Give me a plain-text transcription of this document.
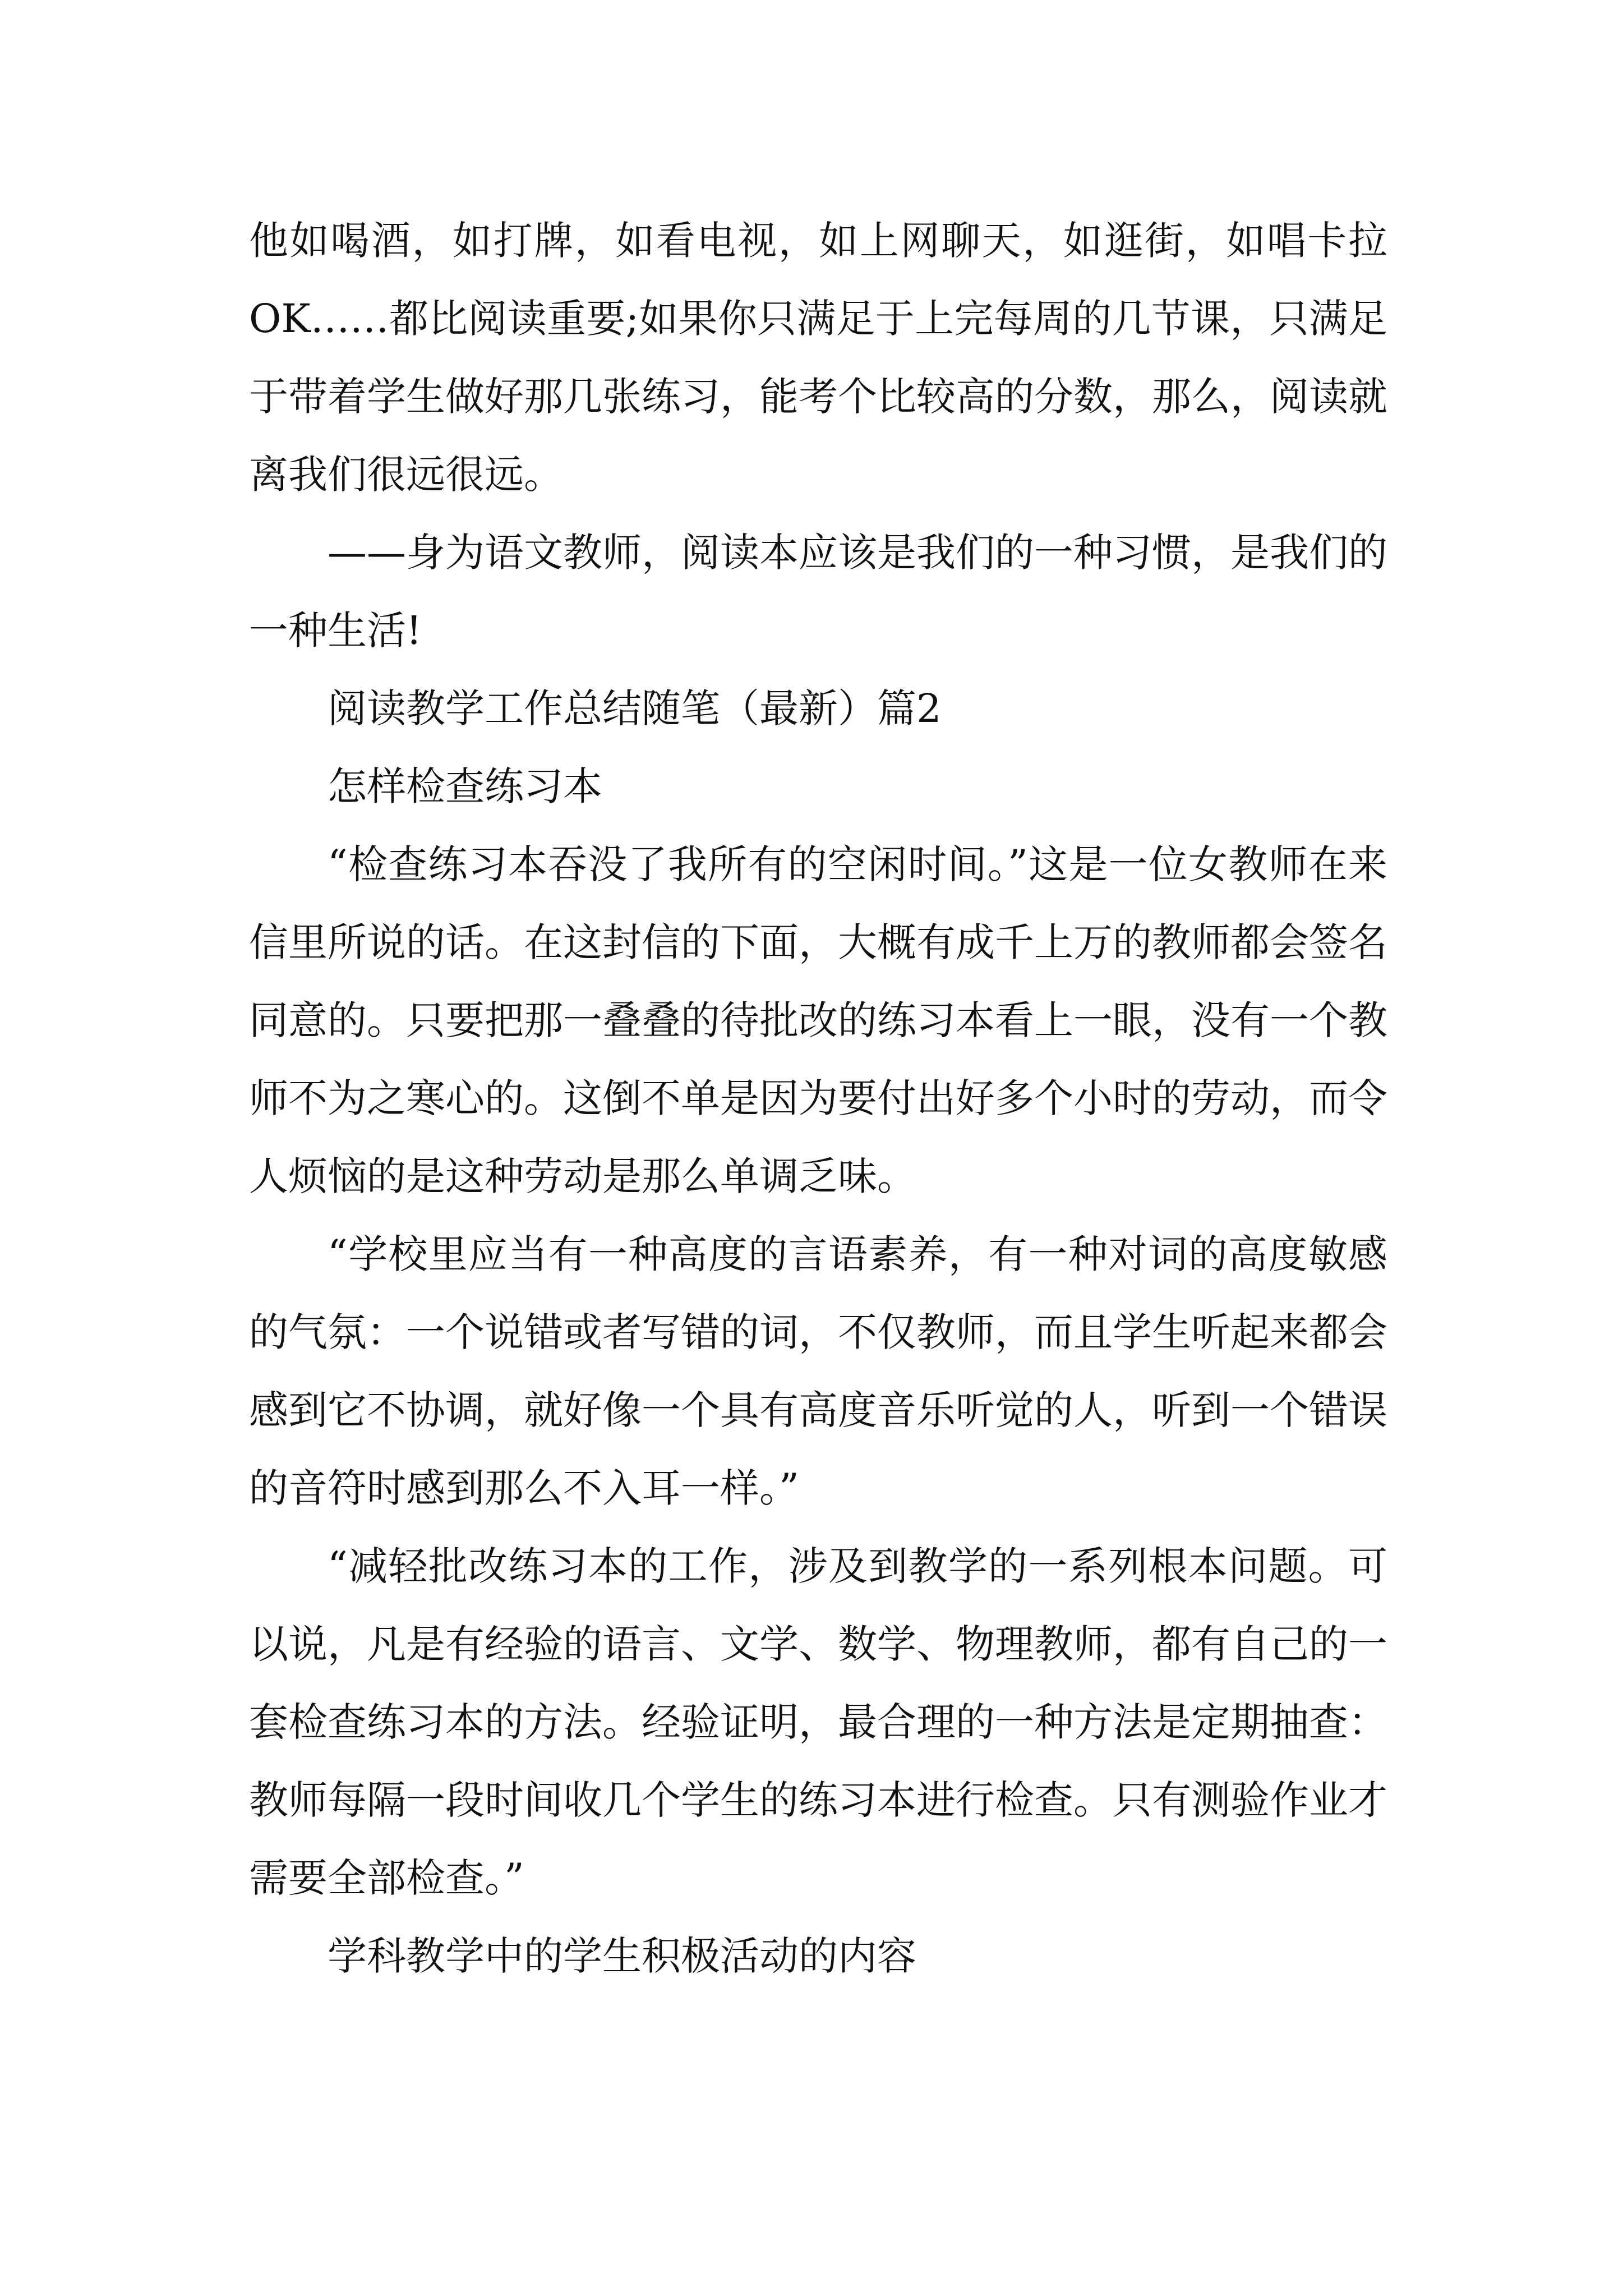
他如喝酒，如打牌，如看电视，如上网聊天，如逛街，如唱卡拉OK……都比阅读重要;如果你只满足于上完每周的几节课，只满足于带着学生做好那几张练习，能考个比较高的分数，那么，阅读就离我们很远很远。

——身为语文教师，阅读本应该是我们的一种习惯，是我们的一种生活!

阅读教学工作总结随笔（最新）篇2

怎样检查练习本

“检查练习本吞没了我所有的空闲时间。”这是一位女教师在来信里所说的话。在这封信的下面，大概有成千上万的教师都会签名同意的。只要把那一叠叠的待批改的练习本看上一眼，没有一个教师不为之寒心的。这倒不单是因为要付出好多个小时的劳动，而令人烦恼的是这种劳动是那么单调乏味。

“学校里应当有一种高度的言语素养，有一种对词的高度敏感的气氛：一个说错或者写错的词，不仅教师，而且学生听起来都会感到它不协调，就好像一个具有高度音乐听觉的人，听到一个错误的音符时感到那么不入耳一样。”

“减轻批改练习本的工作，涉及到教学的一系列根本问题。可以说，凡是有经验的语言、文学、数学、物理教师，都有自己的一套检查练习本的方法。经验证明，最合理的一种方法是定期抽查：教师每隔一段时间收几个学生的练习本进行检查。只有测验作业才需要全部检查。”

学科教学中的学生积极活动的内容
